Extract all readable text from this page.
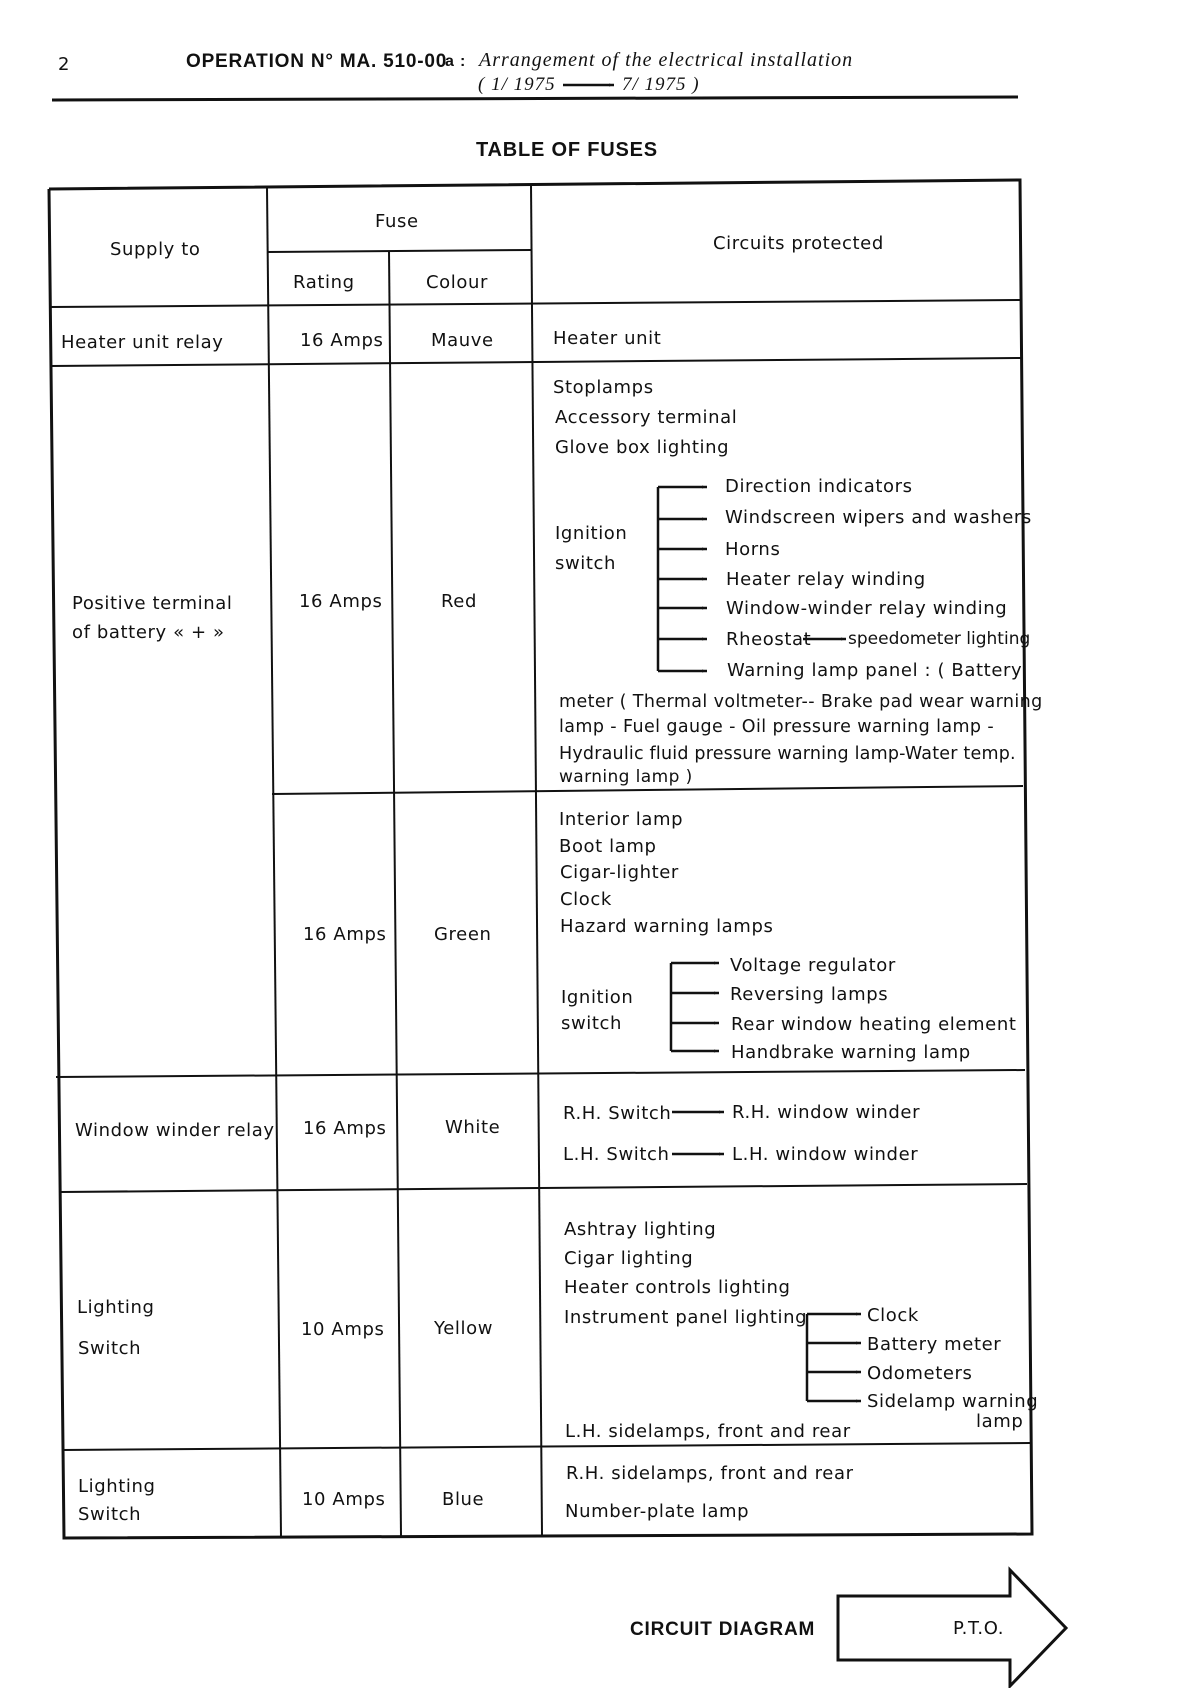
2	OPERATION N° MA. 510-00
a : Arrangement of the electrical installation
( 1/ 1975	7/ 1975 )
TABLE OF FUSES
Supply to
Fuse
Rating	Colour
Circuits protected
Heater unit relay	16 Amps	Mauve	Heater unit
Positive terminal
of battery « + »
16 Amps	Red
Stoplamps
Accessory terminal
Glove box lighting
Ignition
switch
Direction indicators
Windscreen wipers and washers
Horns
Heater relay winding
Window-winder relay winding
Rheostat speedometer lighting
Warning lamp panel : ( Battery
meter ( Thermal voltmeter-- Brake pad wear warning
lamp - Fuel gauge - Oil pressure warning lamp -
Hydraulic fluid pressure warning lamp-Water temp.
warning lamp )
16 Amps	Green
Interior lamp
Boot lamp
Cigar-lighter
Clock
Hazard warning lamps
Ignition
switch
Voltage regulator
Reversing lamps
Rear window heating element
Handbrake warning lamp
Window winder relay 16 Amps	White
R.H. Switch	R.H. window winder
L.H. Switch	L.H. window winder
Lighting
Switch
10 Amps	Yellow
Ashtray lighting
Cigar lighting
Heater controls lighting
Instrument panel lighting	Clock
Battery meter
Odometers
Sidelamp warning
lamp
L.H. sidelamps, front and rear
Lighting
Switch
10 Amps	Blue
R.H. sidelamps, front and rear
Number-plate lamp
CIRCUIT DIAGRAM	P.T.O.
